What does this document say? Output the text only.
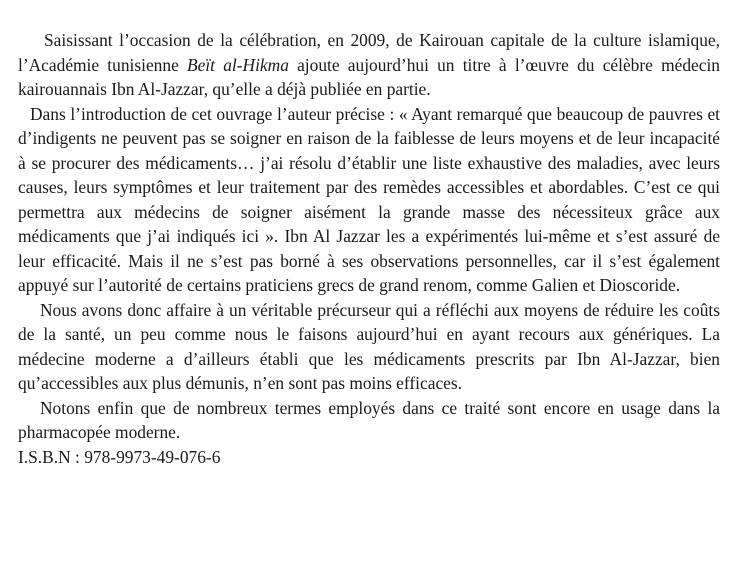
Saisissant l’occasion de la célébration, en 2009, de Kairouan capitale de la culture islamique, l’Académie tunisienne Beït al-Hikma ajoute aujourd’hui un titre à l’œuvre du célèbre médecin kairouannais Ibn Al-Jazzar, qu’elle a déjà publiée en partie.

Dans l’introduction de cet ouvrage l’auteur précise : « Ayant remarqué que beaucoup de pauvres et d’indigents ne peuvent pas se soigner en raison de la faiblesse de leurs moyens et de leur incapacité à se procurer des médicaments… j’ai résolu d’établir une liste exhaustive des maladies, avec leurs causes, leurs symptômes et leur traitement par des remèdes accessibles et abordables. C’est ce qui permettra aux médecins de soigner aisément la grande masse des nécessiteux grâce aux médicaments que j’ai indiqués ici ». Ibn Al Jazzar les a expérimentés lui-même et s’est assuré de leur efficacité. Mais il ne s’est pas borné à ses observations personnelles, car il s’est également appuyé sur l’autorité de certains praticiens grecs de grand renom, comme Galien et Dioscoride.

Nous avons donc affaire à un véritable précurseur qui a réfléchi aux moyens de réduire les coûts de la santé, un peu comme nous le faisons aujourd’hui en ayant recours aux génériques. La médecine moderne a d’ailleurs établi que les médicaments prescrits par Ibn Al-Jazzar, bien qu’accessibles aux plus démunis, n’en sont pas moins efficaces.

Notons enfin que de nombreux termes employés dans ce traité sont encore en usage dans la pharmacopée moderne.

I.S.B.N : 978-9973-49-076-6
